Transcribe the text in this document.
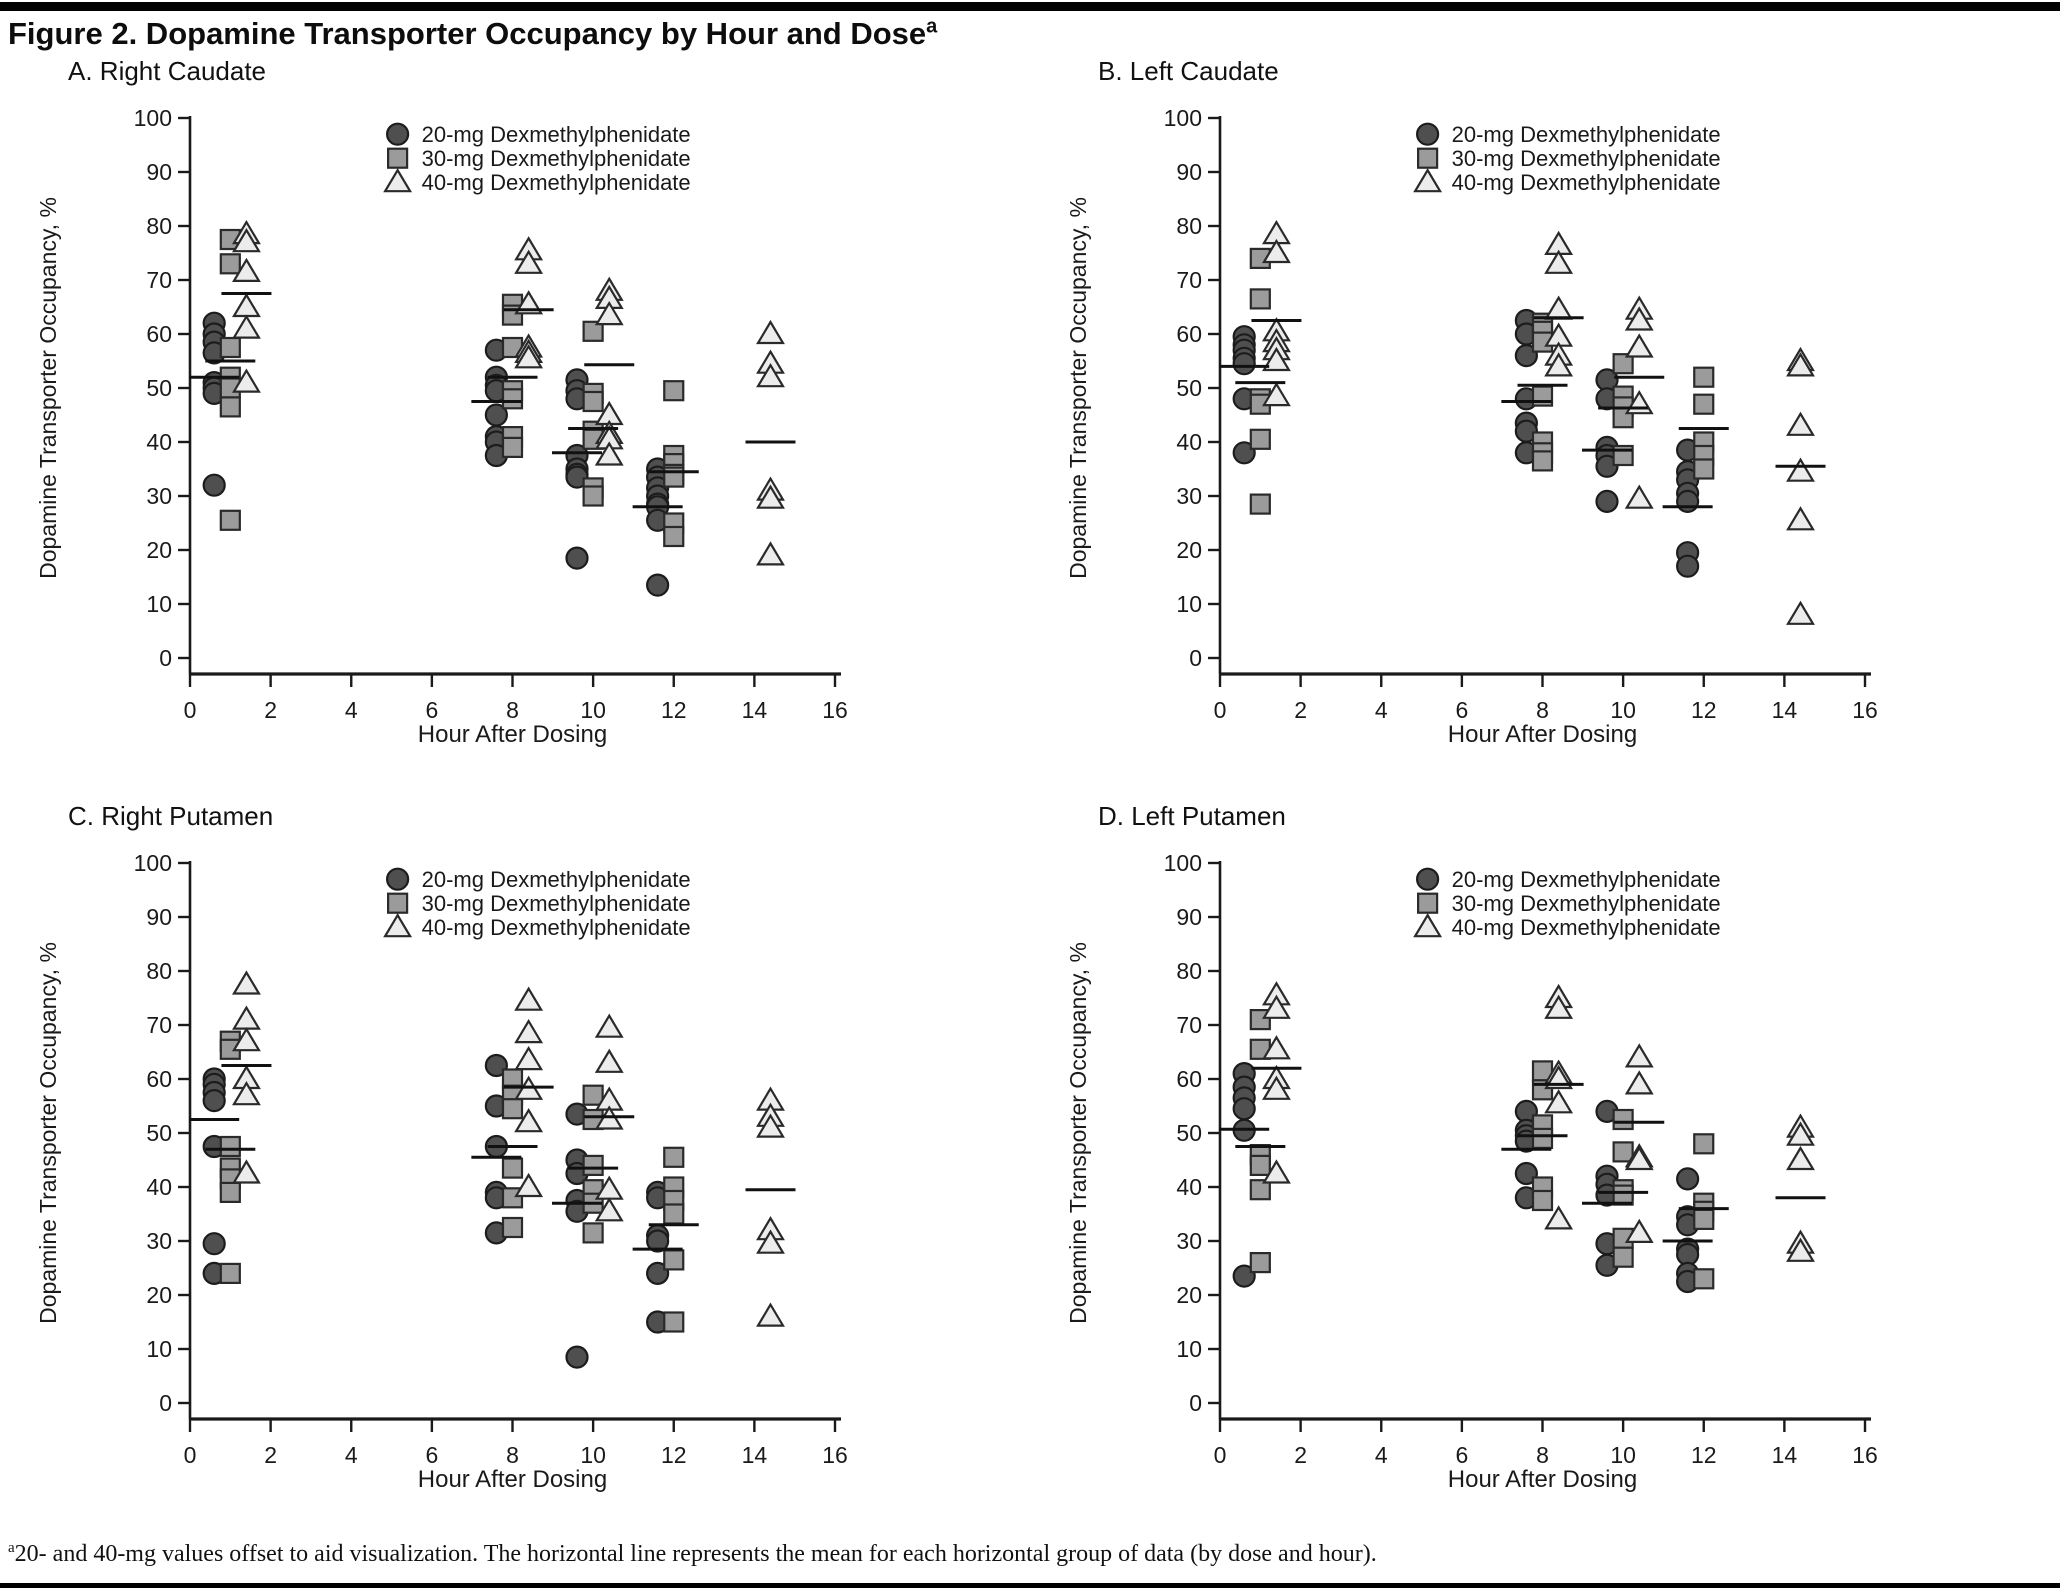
Figure 2. Dopamine Transporter Occupancy by Hour and Dose$^a$
A. Right Caudate
0
10
20
30
40
50
60
70
80
90
100
0	2	4	6	8	10 12 14 16
Dopamine Transporter Occupancy, %
Hour After Dosing
20-mg Dexmethylphenidate
30-mg Dexmethylphenidate
40-mg Dexmethylphenidate
B. Left Caudate
0
10
20
30
40
50
60
70
80
90
100
0	2	4	6	8	10 12 14 16
Dopamine Transporter Occupancy, %
Hour After Dosing
20-mg Dexmethylphenidate
30-mg Dexmethylphenidate
40-mg Dexmethylphenidate
C. Right Putamen
0
10
20
30
40
50
60
70
80
90
100
0	2	4	6	8	10 12 14 16
Dopamine Transporter Occupancy, %
Hour After Dosing
20-mg Dexmethylphenidate
30-mg Dexmethylphenidate
40-mg Dexmethylphenidate
D. Left Putamen
0
10
20
30
40
50
60
70
80
90
100
0	2	4	6	8	10 12 14 16
Dopamine Transporter Occupancy, %
Hour After Dosing
20-mg Dexmethylphenidate
30-mg Dexmethylphenidate
40-mg Dexmethylphenidate

$^a$20- and 40-mg values offset to aid visualization. The horizontal line represents the mean for each horizontal group of data (by dose and hour).
